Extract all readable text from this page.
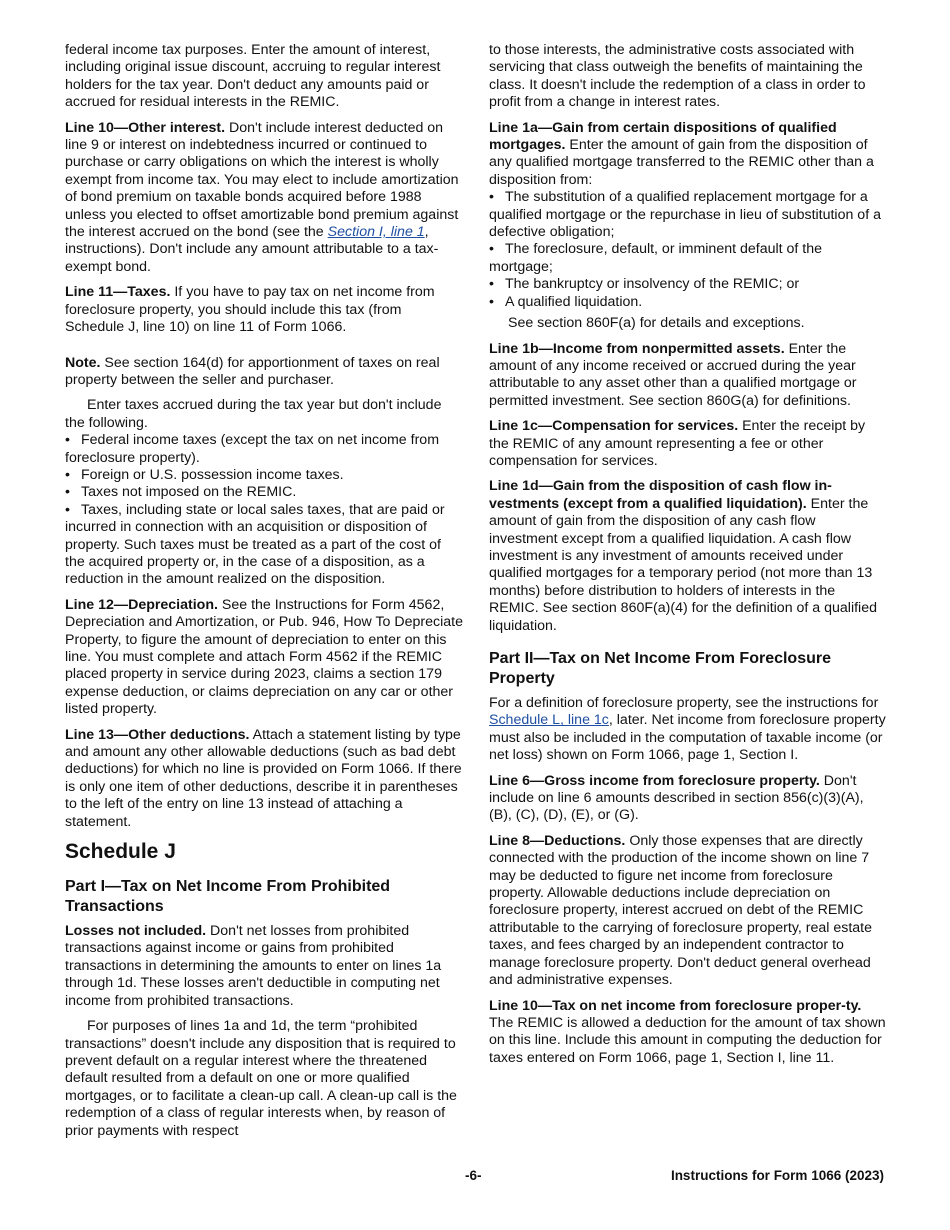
federal income tax purposes. Enter the amount of interest, including original issue discount, accruing to regular interest holders for the tax year. Don't deduct any amounts paid or accrued for residual interests in the REMIC.

Line 10—Other interest. Don't include interest deducted on line 9 or interest on indebtedness incurred or continued to purchase or carry obligations on which the interest is wholly exempt from income tax. You may elect to include amortization of bond premium on taxable bonds acquired before 1988 unless you elected to offset amortizable bond premium against the interest accrued on the bond (see the Section I, line 1, instructions). Don't include any amount attributable to a tax-exempt bond.

Line 11—Taxes. If you have to pay tax on net income from foreclosure property, you should include this tax (from Schedule J, line 10) on line 11 of Form 1066.

Note. See section 164(d) for apportionment of taxes on real property between the seller and purchaser.

Enter taxes accrued during the tax year but don't include the following.

• Federal income taxes (except the tax on net income from foreclosure property).
• Foreign or U.S. possession income taxes.
• Taxes not imposed on the REMIC.
• Taxes, including state or local sales taxes, that are paid or incurred in connection with an acquisition or disposition of property. Such taxes must be treated as a part of the cost of the acquired property or, in the case of a disposition, as a reduction in the amount realized on the disposition.

Line 12—Depreciation. See the Instructions for Form 4562, Depreciation and Amortization, or Pub. 946, How To Depreciate Property, to figure the amount of depreciation to enter on this line. You must complete and attach Form 4562 if the REMIC placed property in service during 2023, claims a section 179 expense deduction, or claims depreciation on any car or other listed property.

Line 13—Other deductions. Attach a statement listing by type and amount any other allowable deductions (such as bad debt deductions) for which no line is provided on Form 1066. If there is only one item of other deductions, describe it in parentheses to the left of the entry on line 13 instead of attaching a statement.

Schedule J
Part I—Tax on Net Income From Prohibited Transactions

Losses not included. Don't net losses from prohibited transactions against income or gains from prohibited transactions in determining the amounts to enter on lines 1a through 1d. These losses aren't deductible in computing net income from prohibited transactions.

For purposes of lines 1a and 1d, the term “prohibited transactions” doesn't include any disposition that is required to prevent default on a regular interest where the threatened default resulted from a default on one or more qualified mortgages, or to facilitate a clean-up call. A clean-up call is the redemption of a class of regular interests when, by reason of prior payments with respect

to those interests, the administrative costs associated with servicing that class outweigh the benefits of maintaining the class. It doesn't include the redemption of a class in order to profit from a change in interest rates.

Line 1a—Gain from certain dispositions of qualified mortgages. Enter the amount of gain from the disposition of any qualified mortgage transferred to the REMIC other than a disposition from:

• The substitution of a qualified replacement mortgage for a qualified mortgage or the repurchase in lieu of substitution of a defective obligation;
• The foreclosure, default, or imminent default of the mortgage;
• The bankruptcy or insolvency of the REMIC; or
• A qualified liquidation.

See section 860F(a) for details and exceptions.

Line 1b—Income from nonpermitted assets. Enter the amount of any income received or accrued during the year attributable to any asset other than a qualified mortgage or permitted investment. See section 860G(a) for definitions.

Line 1c—Compensation for services. Enter the receipt by the REMIC of any amount representing a fee or other compensation for services.

Line 1d—Gain from the disposition of cash flow in-vestments (except from a qualified liquidation). Enter the amount of gain from the disposition of any cash flow investment except from a qualified liquidation. A cash flow investment is any investment of amounts received under qualified mortgages for a temporary period (not more than 13 months) before distribution to holders of interests in the REMIC. See section 860F(a)(4) for the definition of a qualified liquidation.

Part II—Tax on Net Income From Foreclosure Property

For a definition of foreclosure property, see the instructions for Schedule L, line 1c, later. Net income from foreclosure property must also be included in the computation of taxable income (or net loss) shown on Form 1066, page 1, Section I.

Line 6—Gross income from foreclosure property. Don't include on line 6 amounts described in section 856(c)(3)(A), (B), (C), (D), (E), or (G).

Line 8—Deductions. Only those expenses that are directly connected with the production of the income shown on line 7 may be deducted to figure net income from foreclosure property. Allowable deductions include depreciation on foreclosure property, interest accrued on debt of the REMIC attributable to the carrying of foreclosure property, real estate taxes, and fees charged by an independent contractor to manage foreclosure property. Don't deduct general overhead and administrative expenses.

Line 10—Tax on net income from foreclosure proper-ty. The REMIC is allowed a deduction for the amount of tax shown on this line. Include this amount in computing the deduction for taxes entered on Form 1066, page 1, Section I, line 11.

-6-	Instructions for Form 1066 (2023)
